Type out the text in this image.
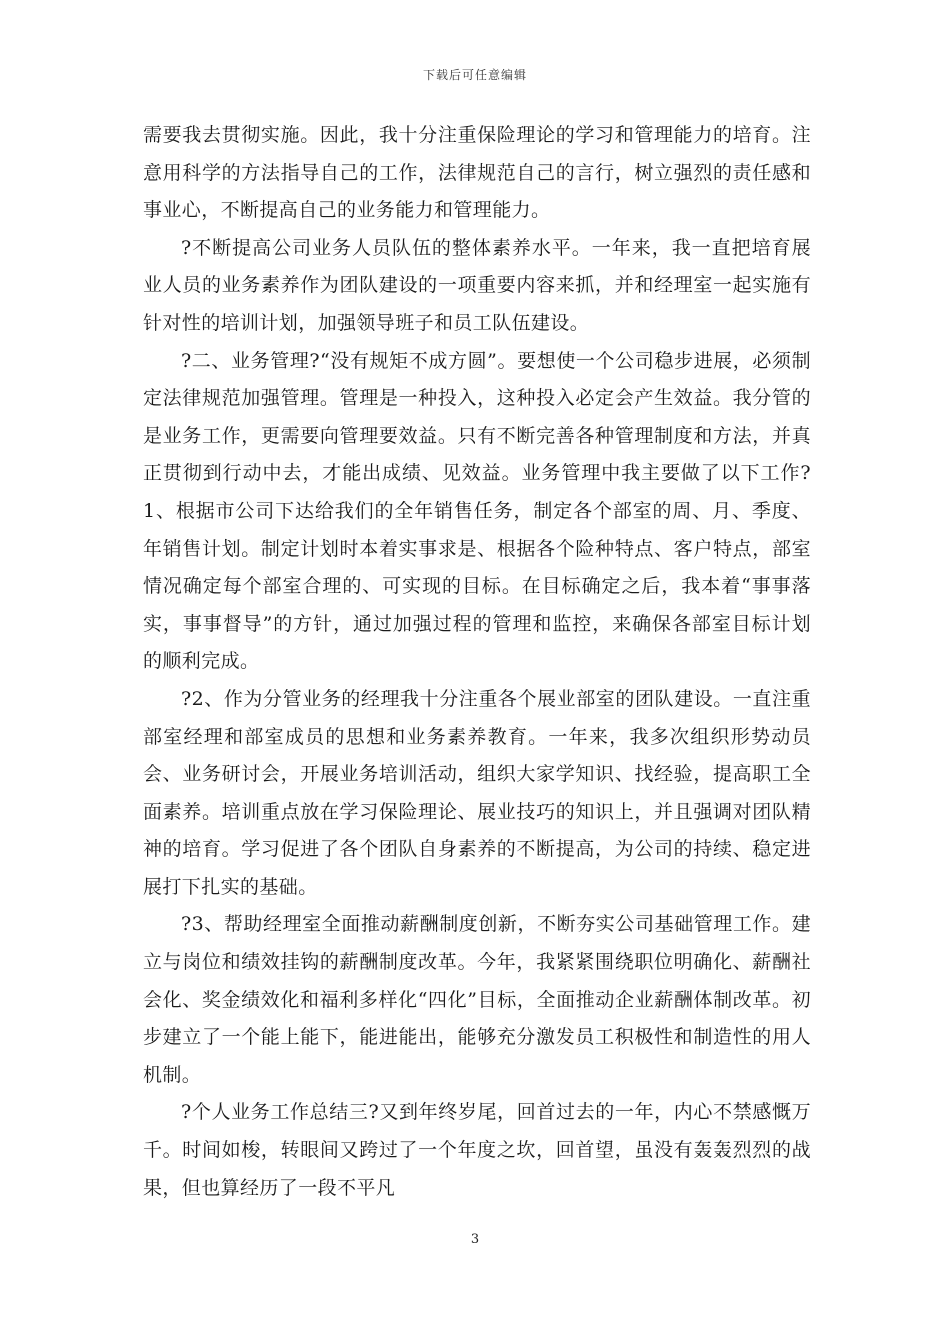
下载后可任意编辑

需要我去贯彻实施。因此，我十分注重保险理论的学习和管理能力的培育。注意用科学的方法指导自己的工作，法律规范自己的言行，树立强烈的责任感和事业心，不断提高自己的业务能力和管理能力。

?不断提高公司业务人员队伍的整体素养水平。一年来，我一直把培育展业人员的业务素养作为团队建设的一项重要内容来抓，并和经理室一起实施有针对性的培训计划，加强领导班子和员工队伍建设。

?二、业务管理?“没有规矩不成方圆”。要想使一个公司稳步进展，必须制定法律规范加强管理。管理是一种投入，这种投入必定会产生效益。我分管的是业务工作，更需要向管理要效益。只有不断完善各种管理制度和方法，并真正贯彻到行动中去，才能出成绩、见效益。业务管理中我主要做了以下工作?1、根据市公司下达给我们的全年销售任务，制定各个部室的周、月、季度、年销售计划。制定计划时本着实事求是、根据各个险种特点、客户特点，部室情况确定每个部室合理的、可实现的目标。在目标确定之后，我本着“事事落实，事事督导”的方针，通过加强过程的管理和监控，来确保各部室目标计划的顺利完成。

?2、作为分管业务的经理我十分注重各个展业部室的团队建设。一直注重部室经理和部室成员的思想和业务素养教育。一年来，我多次组织形势动员会、业务研讨会，开展业务培训活动，组织大家学知识、找经验，提高职工全面素养。培训重点放在学习保险理论、展业技巧的知识上，并且强调对团队精神的培育。学习促进了各个团队自身素养的不断提高，为公司的持续、稳定进展打下扎实的基础。

?3、帮助经理室全面推动薪酬制度创新，不断夯实公司基础管理工作。建立与岗位和绩效挂钩的薪酬制度改革。今年，我紧紧围绕职位明确化、薪酬社会化、奖金绩效化和福利多样化“四化”目标，全面推动企业薪酬体制改革。初步建立了一个能上能下，能进能出，能够充分激发员工积极性和制造性的用人机制。

?个人业务工作总结三?又到年终岁尾，回首过去的一年，内心不禁感慨万千。时间如梭，转眼间又跨过了一个年度之坎，回首望，虽没有轰轰烈烈的战果，但也算经历了一段不平凡

3
